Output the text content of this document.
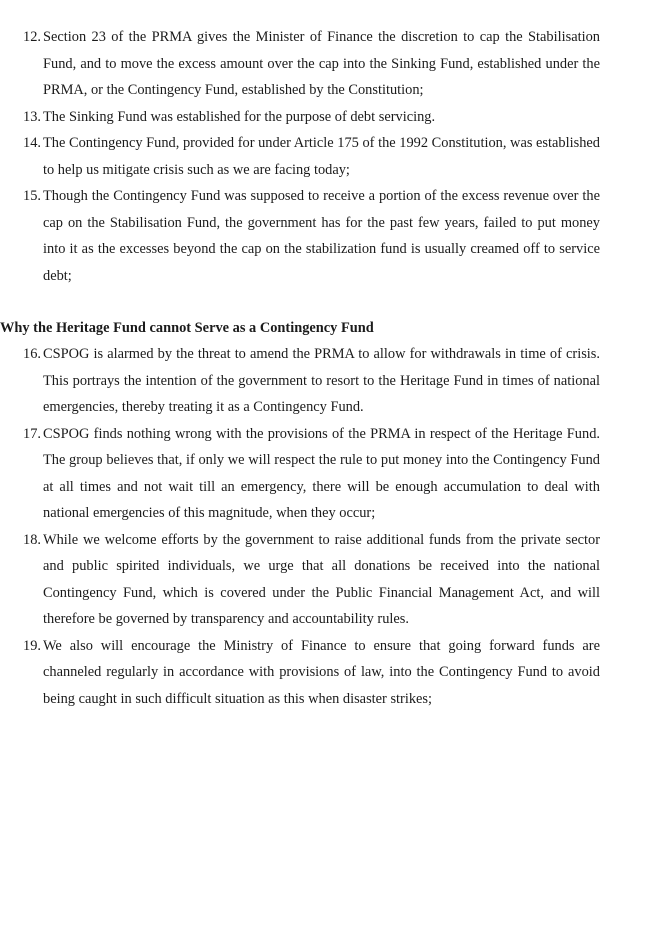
12. Section 23 of the PRMA gives the Minister of Finance the discretion to cap the Stabilisation Fund, and to move the excess amount over the cap into the Sinking Fund, established under the PRMA, or the Contingency Fund, established by the Constitution;
13. The Sinking Fund was established for the purpose of debt servicing.
14. The Contingency Fund, provided for under Article 175 of the 1992 Constitution, was established to help us mitigate crisis such as we are facing today;
15. Though the Contingency Fund was supposed to receive a portion of the excess revenue over the cap on the Stabilisation Fund, the government has for the past few years, failed to put money into it as the excesses beyond the cap on the stabilization fund is usually creamed off to service debt;
Why the Heritage Fund cannot Serve as a Contingency Fund
16. CSPOG is alarmed by the threat to amend the PRMA to allow for withdrawals in time of crisis. This portrays the intention of the government to resort to the Heritage Fund in times of national emergencies, thereby treating it as a Contingency Fund.
17. CSPOG finds nothing wrong with the provisions of the PRMA in respect of the Heritage Fund. The group believes that, if only we will respect the rule to put money into the Contingency Fund at all times and not wait till an emergency, there will be enough accumulation to deal with national emergencies of this magnitude, when they occur;
18. While we welcome efforts by the government to raise additional funds from the private sector and public spirited individuals, we urge that all donations be received into the national Contingency Fund, which is covered under the Public Financial Management Act, and will therefore be governed by transparency and accountability rules.
19. We also will encourage the Ministry of Finance to ensure that going forward funds are channeled regularly in accordance with provisions of law, into the Contingency Fund to avoid being caught in such difficult situation as this when disaster strikes;
